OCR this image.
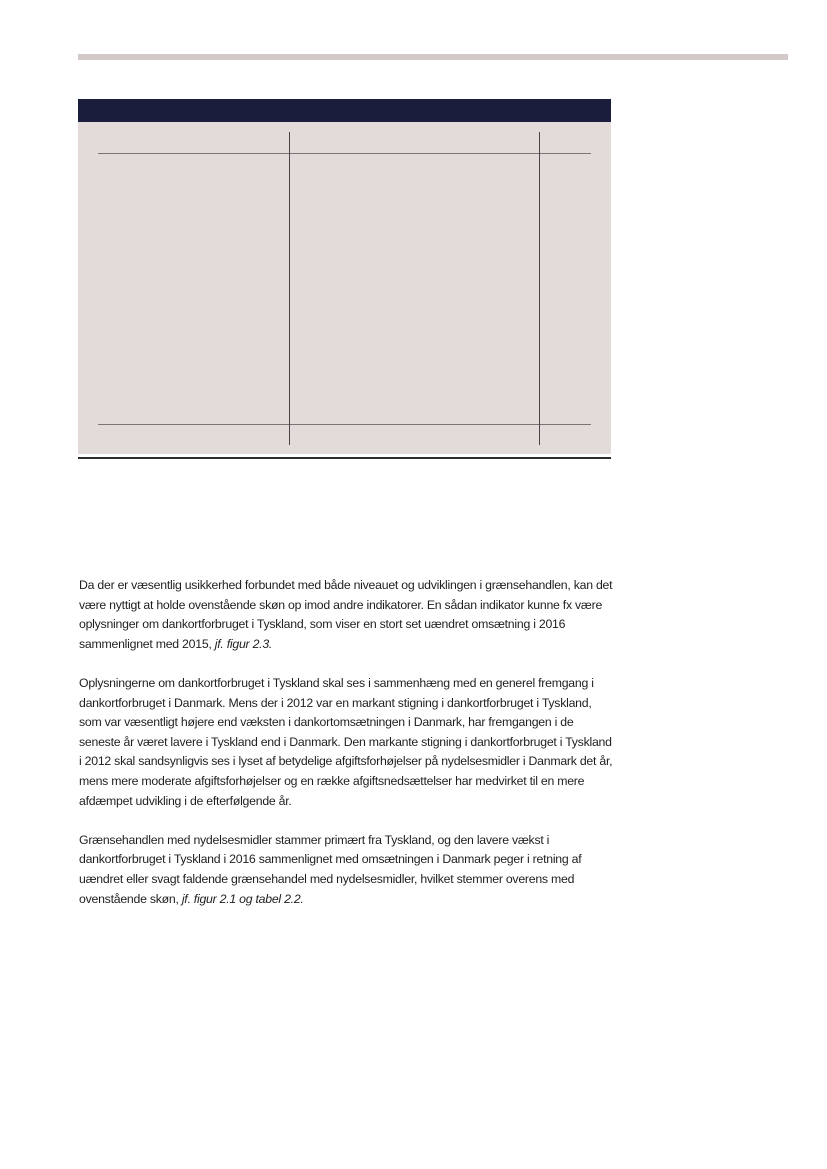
Da der er væsentlig usikkerhed forbundet med både niveauet og udviklingen i grænsehandlen, kan det være nyttigt at holde ovenstående skøn op imod andre indikatorer. En sådan indikator kunne fx være oplysninger om dankortforbruget i Tyskland, som viser en stort set uændret omsætning i 2016 sammenlignet med 2015, jf. figur 2.3.

Oplysningerne om dankortforbruget i Tyskland skal ses i sammenhæng med en generel fremgang i dankortforbruget i Danmark. Mens der i 2012 var en markant stigning i dankortforbruget i Tyskland, som var væsentligt højere end væksten i dankortomsætningen i Danmark, har fremgangen i de seneste år været lavere i Tyskland end i Danmark. Den markante stigning i dankortforbruget i Tyskland i 2012 skal sandsynligvis ses i lyset af betydelige afgiftsforhøjelser på nydelsesmidler i Danmark det år, mens mere moderate afgiftsforhøjelser og en række afgiftsnedsættelser har medvirket til en mere afdæmpet udvikling i de efterfølgende år.

Grænsehandlen med nydelsesmidler stammer primært fra Tyskland, og den lavere vækst i dankortforbruget i Tyskland i 2016 sammenlignet med omsætningen i Danmark peger i retning af uændret eller svagt faldende grænsehandel med nydelsesmidler, hvilket stemmer overens med ovenstående skøn, jf. figur 2.1 og tabel 2.2.
